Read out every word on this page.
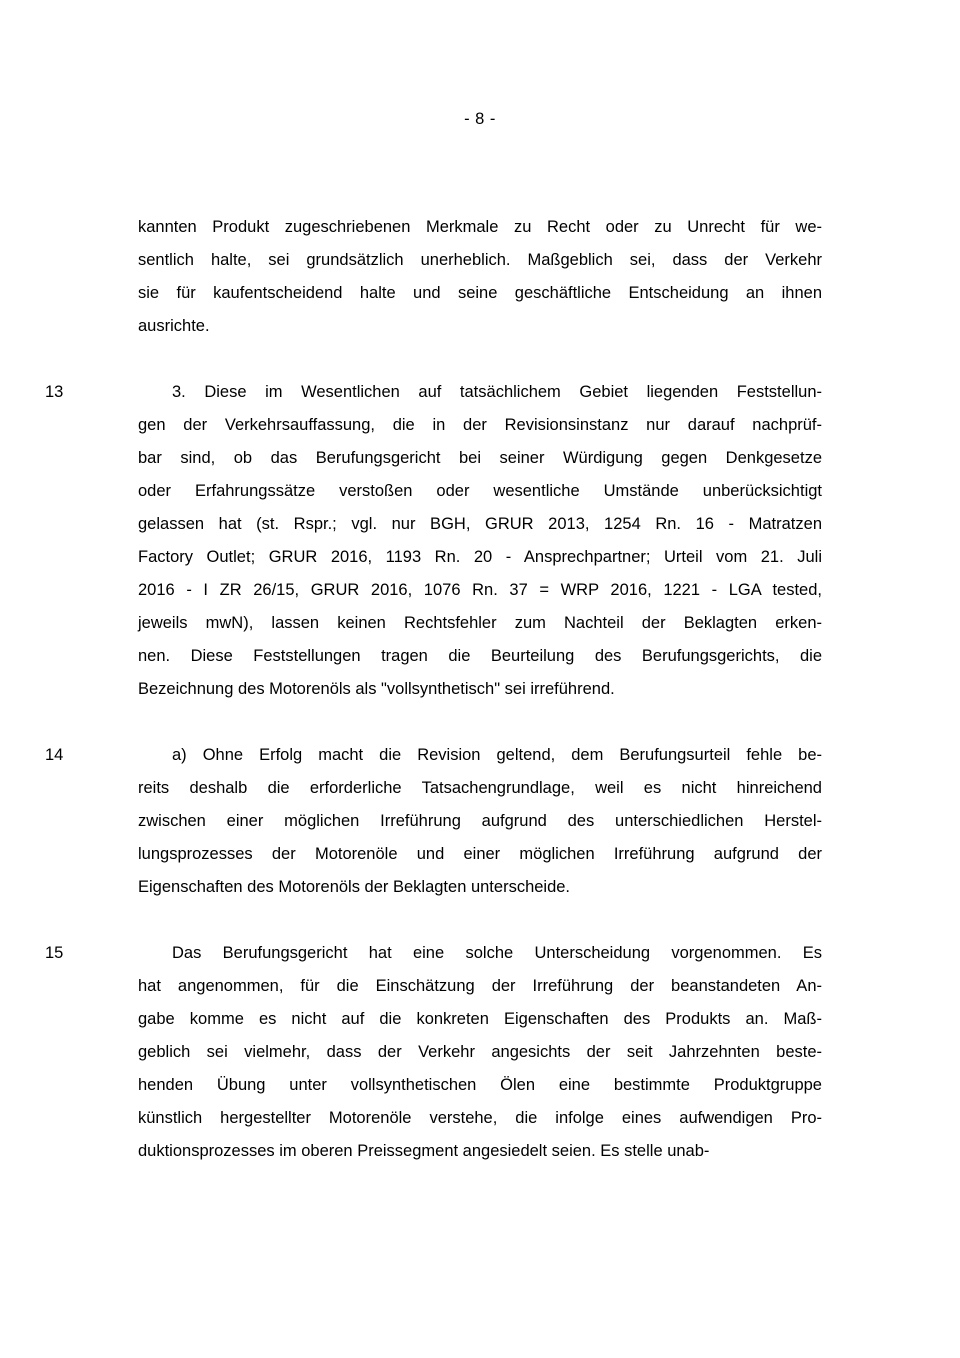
- 8 -
kannten Produkt zugeschriebenen Merkmale zu Recht oder zu Unrecht für we-
sentlich halte, sei grundsätzlich unerheblich. Maßgeblich sei, dass der Verkehr
sie für kaufentscheidend halte und seine geschäftliche Entscheidung an ihnen
ausrichte.
13	3. Diese im Wesentlichen auf tatsächlichem Gebiet liegenden Feststellun-
gen der Verkehrsauffassung, die in der Revisionsinstanz nur darauf nachprüf-
bar sind, ob das Berufungsgericht bei seiner Würdigung gegen Denkgesetze
oder Erfahrungssätze verstoßen oder wesentliche Umstände unberücksichtigt
gelassen hat (st. Rspr.; vgl. nur BGH, GRUR 2013, 1254 Rn. 16 - Matratzen
Factory Outlet; GRUR 2016, 1193 Rn. 20 - Ansprechpartner; Urteil vom 21. Juli
2016 - I ZR 26/15, GRUR 2016, 1076 Rn. 37 = WRP 2016, 1221 - LGA tested,
jeweils mwN), lassen keinen Rechtsfehler zum Nachteil der Beklagten erken-
nen. Diese Feststellungen tragen die Beurteilung des Berufungsgerichts, die
Bezeichnung des Motorenöls als "vollsynthetisch" sei irreführend.
14	a) Ohne Erfolg macht die Revision geltend, dem Berufungsurteil fehle be-
reits deshalb die erforderliche Tatsachengrundlage, weil es nicht hinreichend
zwischen einer möglichen Irreführung aufgrund des unterschiedlichen Herstel-
lungsprozesses der Motorenöle und einer möglichen Irreführung aufgrund der
Eigenschaften des Motorenöls der Beklagten unterscheide.
15	Das Berufungsgericht hat eine solche Unterscheidung vorgenommen. Es
hat angenommen, für die Einschätzung der Irreführung der beanstandeten An-
gabe komme es nicht auf die konkreten Eigenschaften des Produkts an. Maß-
geblich sei vielmehr, dass der Verkehr angesichts der seit Jahrzehnten beste-
henden Übung unter vollsynthetischen Ölen eine bestimmte Produktgruppe
künstlich hergestellter Motorenöle verstehe, die infolge eines aufwendigen Pro-
duktionsprozesses im oberen Preissegment angesiedelt seien. Es stelle unab-
